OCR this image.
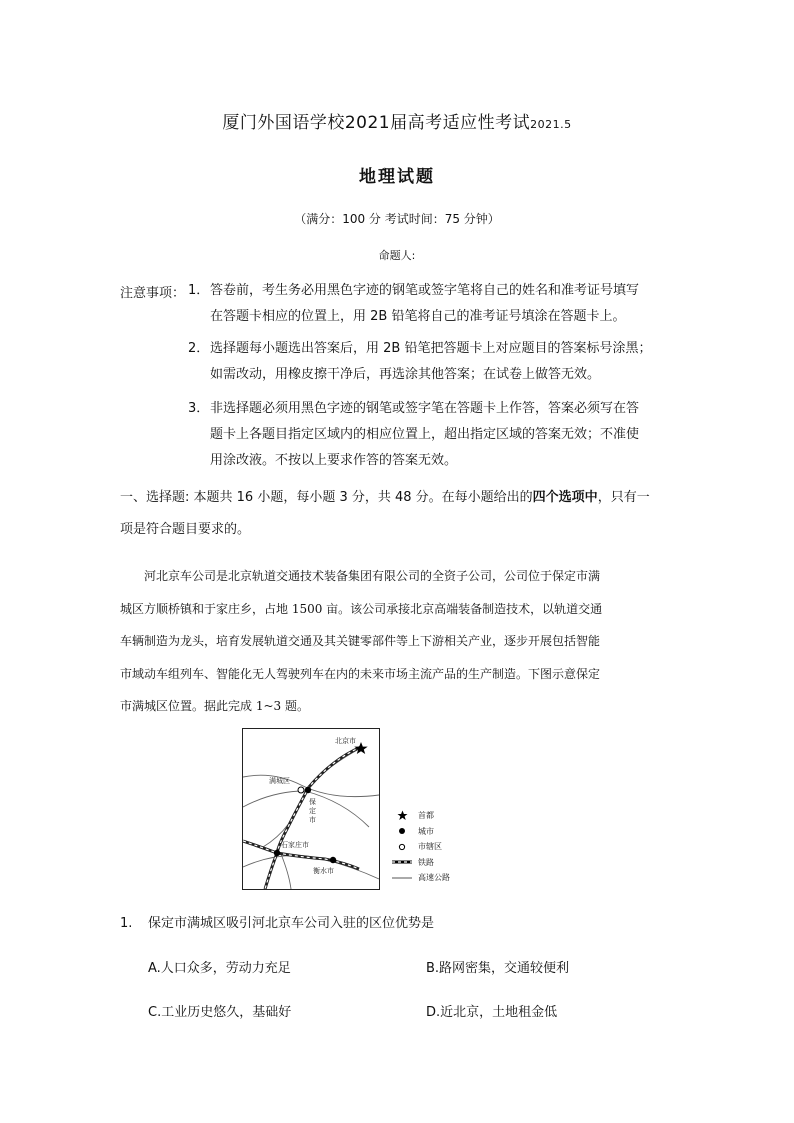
厦门外国语学校2021届高考适应性考试2021.5
地理试题
（满分：100 分 考试时间：75 分钟）
命题人:
注意事项： 1．答卷前，考生务必用黑色字迹的钢笔或签字笔将自己的姓名和准考证号填写
在答题卡相应的位置上，用 2B 铅笔将自己的准考证号填涂在答题卡上。
2．选择题每小题选出答案后，用 2B 铅笔把答题卡上对应题目的答案标号涂黑；
如需改动，用橡皮擦干净后，再选涂其他答案；在试卷上做答无效。
3．非选择题必须用黑色字迹的钢笔或签字笔在答题卡上作答，答案必须写在答
题卡上各题目指定区域内的相应位置上，超出指定区域的答案无效；不准使
用涂改液。不按以上要求作答的答案无效。
一、选择题: 本题共 16 小题，每小题 3 分，共 48 分。在每小题给出的四个选项中，只有一
项是符合题目要求的。
河北京车公司是北京轨道交通技术装备集团有限公司的全资子公司，公司位于保定市满
城区方顺桥镇和于家庄乡，占地 1500 亩。该公司承接北京高端装备制造技术，以轨道交通
车辆制造为龙头，培育发展轨道交通及其关键零部件等上下游相关产业，逐步开展包括智能
市域动车组列车、智能化无人驾驶列车在内的未来市场主流产品的生产制造。下图示意保定
市满城区位置。据此完成 1~3 题。
北京市
满城区
保
定
市
石家庄市
衡水市
首都
城市
市辖区
铁路
高速公路
1. 保定市满城区吸引河北京车公司入驻的区位优势是
A.人口众多，劳动力充足	B.路网密集，交通较便利
C.工业历史悠久，基础好	D.近北京，土地租金低
